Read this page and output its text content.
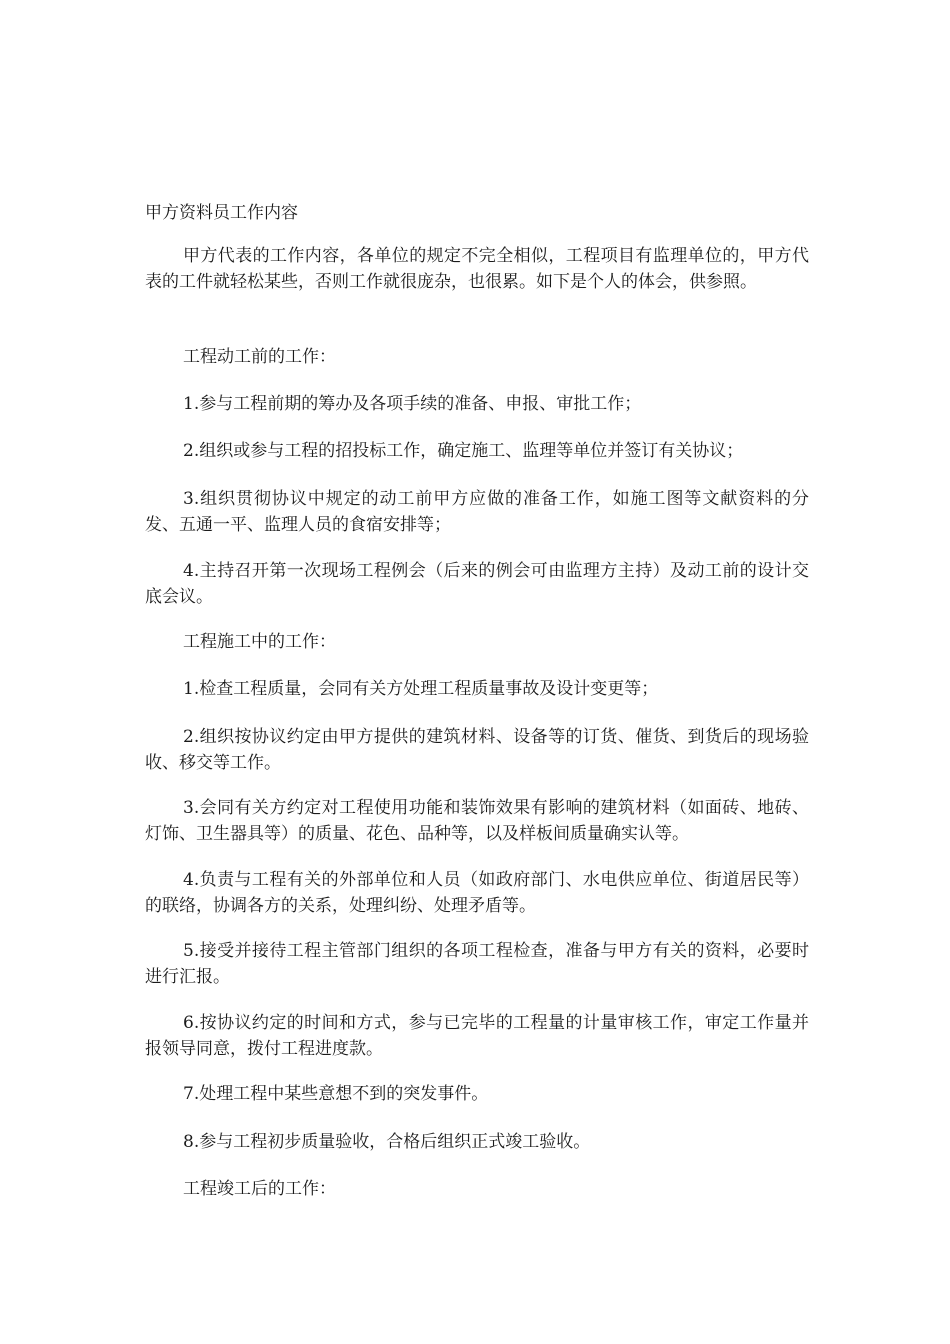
甲方资料员工作内容

甲方代表的工作内容，各单位的规定不完全相似，工程项目有监理单位的，甲方代表的工件就轻松某些，否则工作就很庞杂，也很累。如下是个人的体会，供参照。

工程动工前的工作：

1.参与工程前期的筹办及各项手续的准备、申报、审批工作；

2.组织或参与工程的招投标工作，确定施工、监理等单位并签订有关协议；

3.组织贯彻协议中规定的动工前甲方应做的准备工作，如施工图等文献资料的分发、五通一平、监理人员的食宿安排等；

4.主持召开第一次现场工程例会（后来的例会可由监理方主持）及动工前的设计交底会议。

工程施工中的工作：

1.检查工程质量，会同有关方处理工程质量事故及设计变更等；

2.组织按协议约定由甲方提供的建筑材料、设备等的订货、催货、到货后的现场验收、移交等工作。

3.会同有关方约定对工程使用功能和装饰效果有影响的建筑材料（如面砖、地砖、灯饰、卫生器具等）的质量、花色、品种等，以及样板间质量确实认等。

4.负责与工程有关的外部单位和人员（如政府部门、水电供应单位、街道居民等）的联络，协调各方的关系，处理纠纷、处理矛盾等。

5.接受并接待工程主管部门组织的各项工程检查，准备与甲方有关的资料，必要时进行汇报。

6.按协议约定的时间和方式，参与已完毕的工程量的计量审核工作，审定工作量并报领导同意，拨付工程进度款。

7.处理工程中某些意想不到的突发事件。

8.参与工程初步质量验收，合格后组织正式竣工验收。

工程竣工后的工作：
